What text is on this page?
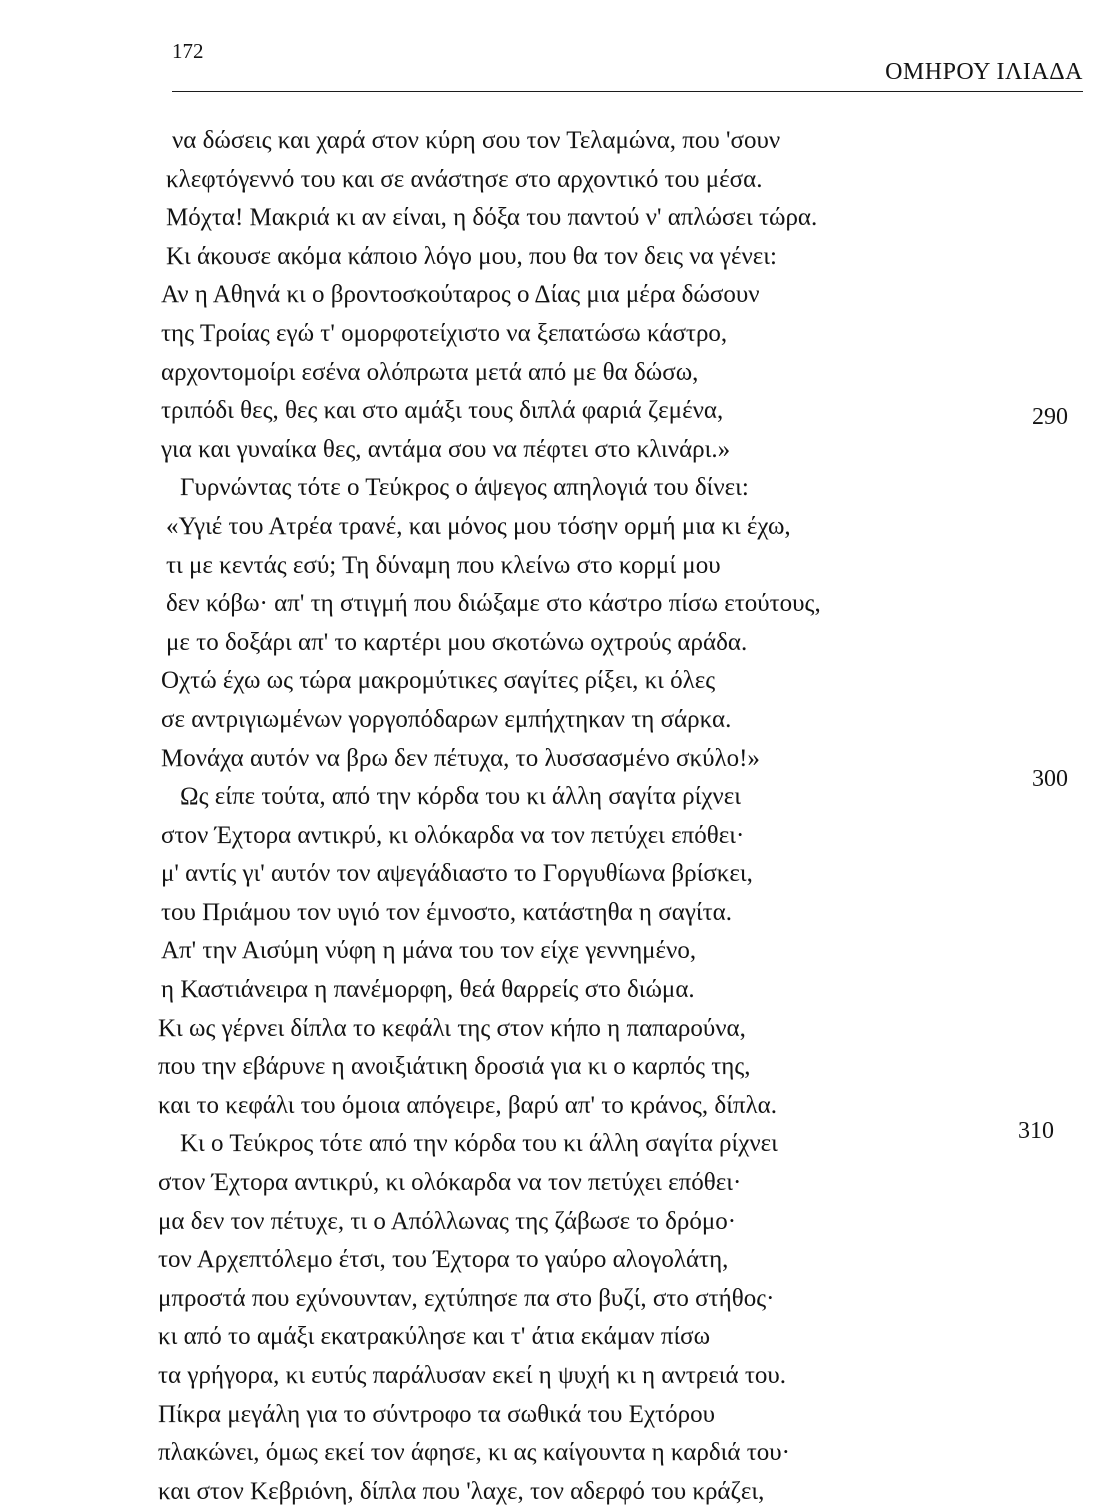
172
ΟΜΗΡΟΥ ΙΛΙΑΔΑ
να δώσεις και χαρά στον κύρη σου τον Τελαμώνα, που 'σουν
κλεφτόγεννό του και σε ανάστησε στο αρχοντικό του μέσα.
Μόχτα! Μακριά κι αν είναι, η δόξα του παντού ν' απλώσει τώρα.
Κι άκουσε ακόμα κάποιο λόγο μου, που θα τον δεις να γένει:
Αν η Αθηνά κι ο βροντοσκούταρος ο Δίας μια μέρα δώσουν
της Τροίας εγώ τ' ομορφοτείχιστο να ξεπατώσω κάστρο,
αρχοντομοίρι εσένα ολόπρωτα μετά από με θα δώσω,
τριπόδι θες, θες και στο αμάξι τους διπλά φαριά ζεμένα,
για και γυναίκα θες, αντάμα σου να πέφτει στο κλινάρι.»
Γυρνώντας τότε ο Τεύκρος ο άψεγος απηλογιά του δίνει:
«Υγιέ του Ατρέα τρανέ, και μόνος μου τόσην ορμή μια κι έχω,
τι με κεντάς εσύ; Τη δύναμη που κλείνω στο κορμί μου
δεν κόβω· απ' τη στιγμή που διώξαμε στο κάστρο πίσω ετούτους,
με το δοξάρι απ' το καρτέρι μου σκοτώνω οχτρούς αράδα.
Οχτώ έχω ως τώρα μακρομύτικες σαγίτες ρίξει, κι όλες
σε αντριγιωμένων γοργοπόδαρων εμπήχτηκαν τη σάρκα.
Μονάχα αυτόν να βρω δεν πέτυχα, το λυσσασμένο σκύλο!»
Ως είπε τούτα, από την κόρδα του κι άλλη σαγίτα ρίχνει
στον Έχτορα αντικρύ, κι ολόκαρδα να τον πετύχει επόθει·
μ' αντίς γι' αυτόν τον αψεγάδιαστο το Γοργυθίωνα βρίσκει,
του Πριάμου τον υγιό τον έμνοστο, κατάστηθα η σαγίτα.
Απ' την Αισύμη νύφη η μάνα του τον είχε γεννημένο,
η Καστιάνειρα η πανέμορφη, θεά θαρρείς στο διώμα.
Κι ως γέρνει δίπλα το κεφάλι της στον κήπο η παπαρούνα,
που την εβάρυνε η ανοιξιάτικη δροσιά για κι ο καρπός της,
και το κεφάλι του όμοια απόγειρε, βαρύ απ' το κράνος, δίπλα.
Κι ο Τεύκρος τότε από την κόρδα του κι άλλη σαγίτα ρίχνει
στον Έχτορα αντικρύ, κι ολόκαρδα να τον πετύχει επόθει·
μα δεν τον πέτυχε, τι ο Απόλλωνας της ζάβωσε το δρόμο·
τον Αρχεπτόλεμο έτσι, του Έχτορα το γαύρο αλογολάτη,
μπροστά που εχύνουνταν, εχτύπησε πα στο βυζί, στο στήθος·
κι από το αμάξι εκατρακύλησε και τ' άτια εκάμαν πίσω
τα γρήγορα, κι ευτύς παράλυσαν εκεί η ψυχή κι η αντρειά του.
Πίκρα μεγάλη για το σύντροφο τα σωθικά του Εχτόρου
πλακώνει, όμως εκεί τον άφησε, κι ας καίγουντα η καρδιά του·
και στον Κεβριόνη, δίπλα που 'λαχε, τον αδερφό του κράζει,
290
300
310
